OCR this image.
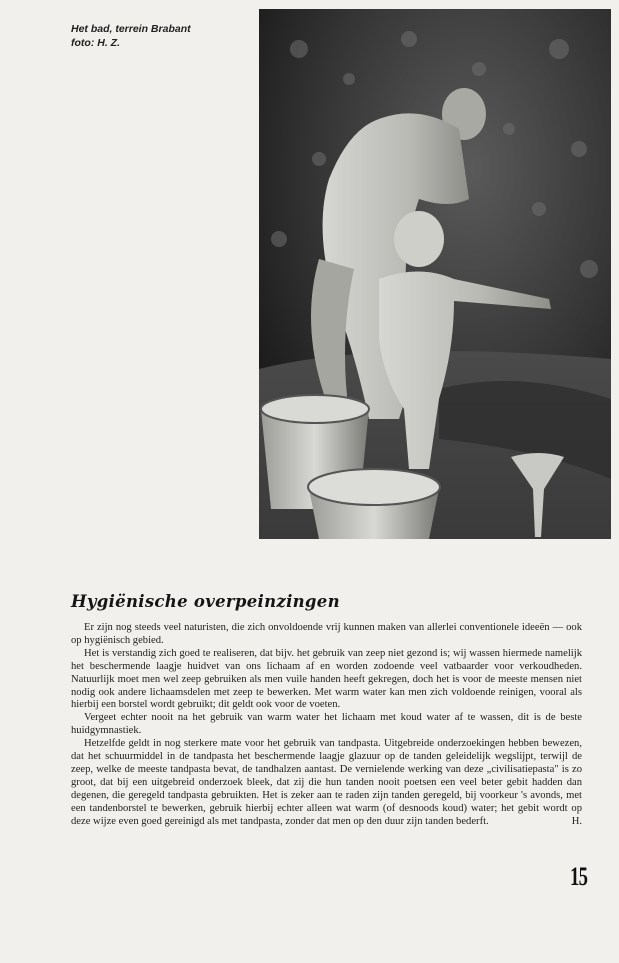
Het bad, terrein Brabant
foto: H. Z.
Hygiënische overpeinzingen

Er zijn nog steeds veel naturisten, die zich onvoldoende vrij kunnen maken van allerlei conventionele ideeën — ook op hygiënisch gebied.

Het is verstandig zich goed te realiseren, dat bijv. het gebruik van zeep niet gezond is; wij wassen hiermede namelijk het beschermende laagje huidvet van ons lichaam af en worden zodoende veel vatbaarder voor verkoudheden. Natuurlijk moet men wel zeep gebruiken als men vuile handen heeft gekregen, doch het is voor de meeste mensen niet nodig ook andere lichaamsdelen met zeep te bewerken. Met warm water kan men zich voldoende reinigen, vooral als hierbij een borstel wordt gebruikt; dit geldt ook voor de voeten.

Vergeet echter nooit na het gebruik van warm water het lichaam met koud water af te wassen, dit is de beste huidgymnastiek.

Hetzelfde geldt in nog sterkere mate voor het gebruik van tandpasta. Uitgebreide onderzoekingen hebben bewezen, dat het schuurmiddel in de tandpasta het beschermende laagje glazuur op de tanden geleidelijk wegslijpt, terwijl de zeep, welke de meeste tandpasta bevat, de tandhalzen aantast. De vernielende werking van deze „civilisatiepasta" is zo groot, dat bij een uitgebreid onderzoek bleek, dat zij die hun tanden nooit poetsen een veel beter gebit hadden dan degenen, die geregeld tandpasta gebruikten. Het is zeker aan te raden zijn tanden geregeld, bij voorkeur 's avonds, met een tandenborstel te bewerken, gebruik hierbij echter alleen wat warm (of desnoods koud) water; het gebit wordt op deze wijze even goed gereinigd als met tandpasta, zonder dat men op den duur zijn tanden bederft.	H.

15
